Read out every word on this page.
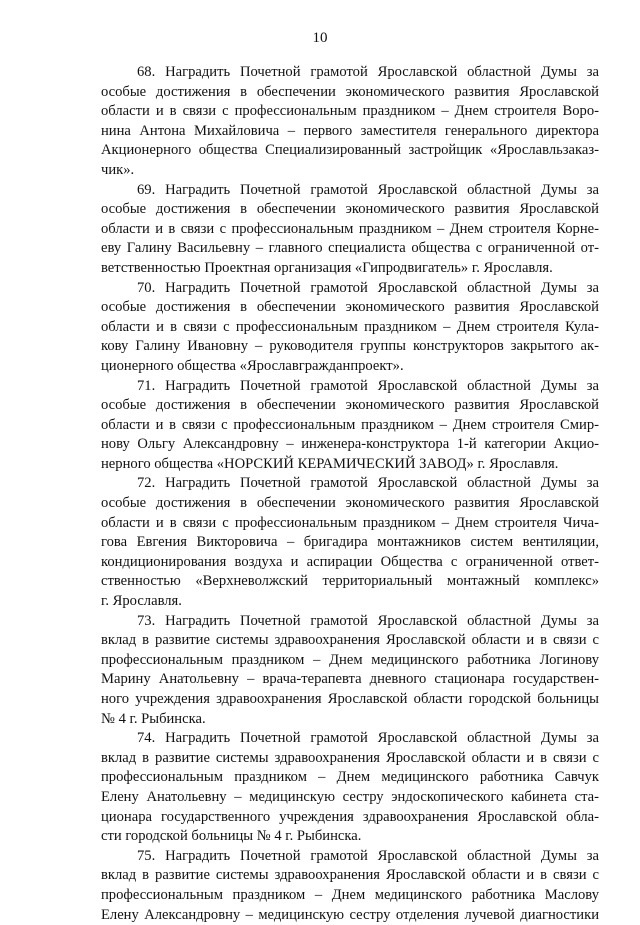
10
68. Наградить Почетной грамотой Ярославской областной Думы за
особые достижения в обеспечении экономического развития Ярославской
области и в связи с профессиональным праздником – Днем строителя Воро-
нина Антона Михайловича – первого заместителя генерального директора
Акционерного общества Специализированный застройщик «Ярославльзаказ-
чик».
69. Наградить Почетной грамотой Ярославской областной Думы за
особые достижения в обеспечении экономического развития Ярославской
области и в связи с профессиональным праздником – Днем строителя Корне-
еву Галину Васильевну – главного специалиста общества с ограниченной от-
ветственностью Проектная организация «Гипродвигатель» г. Ярославля.
70. Наградить Почетной грамотой Ярославской областной Думы за
особые достижения в обеспечении экономического развития Ярославской
области и в связи с профессиональным праздником – Днем строителя Кула-
кову Галину Ивановну – руководителя группы конструкторов закрытого ак-
ционерного общества «Ярославгражданпроект».
71. Наградить Почетной грамотой Ярославской областной Думы за
особые достижения в обеспечении экономического развития Ярославской
области и в связи с профессиональным праздником – Днем строителя Смир-
нову Ольгу Александровну – инженера-конструктора 1-й категории Акцио-
нерного общества «НОРСКИЙ КЕРАМИЧЕСКИЙ ЗАВОД» г. Ярославля.
72. Наградить Почетной грамотой Ярославской областной Думы за
особые достижения в обеспечении экономического развития Ярославской
области и в связи с профессиональным праздником – Днем строителя Чича-
гова Евгения Викторовича – бригадира монтажников систем вентиляции,
кондиционирования воздуха и аспирации Общества с ограниченной ответ-
ственностью «Верхневолжский территориальный монтажный комплекс»
г. Ярославля.
73. Наградить Почетной грамотой Ярославской областной Думы за
вклад в развитие системы здравоохранения Ярославской области и в связи с
профессиональным праздником – Днем медицинского работника Логинову
Марину Анатольевну – врача-терапевта дневного стационара государствен-
ного учреждения здравоохранения Ярославской области городской больницы
№ 4 г. Рыбинска.
74. Наградить Почетной грамотой Ярославской областной Думы за
вклад в развитие системы здравоохранения Ярославской области и в связи с
профессиональным праздником – Днем медицинского работника Савчук
Елену Анатольевну – медицинскую сестру эндоскопического кабинета ста-
ционара государственного учреждения здравоохранения Ярославской обла-
сти городской больницы № 4 г. Рыбинска.
75. Наградить Почетной грамотой Ярославской областной Думы за
вклад в развитие системы здравоохранения Ярославской области и в связи с
профессиональным праздником – Днем медицинского работника Маслову
Елену Александровну – медицинскую сестру отделения лучевой диагностики
